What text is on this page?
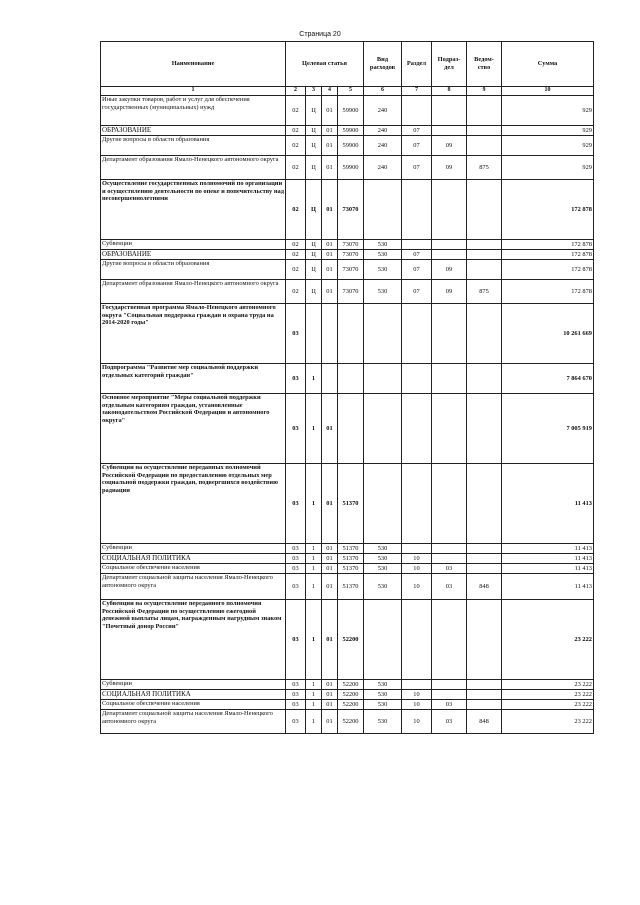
Страница 20
Наименование	Целевая статья				Вид расходов	Раздел	Подраз-дел	Ведом-ство	Сумма
1	2	3	4	5	6	7	8	9	10
Иные закупки товаров, работ и услуг для обеспечения государственных (муниципальных) нужд	02	Ц	01	59900	240				929
ОБРАЗОВАНИЕ	02	Ц	01	59900	240	07			929
Другие вопросы в области образования	02	Ц	01	59900	240	07	09		929
Департамент образования Ямало-Ненецкого автономного округа	02	Ц	01	59900	240	07	09	875	929
Осуществление государственных полномочий по организации и осуществлению деятельности по опеке и попечительству над несовершеннолетними	02	Ц	01	73070					172 878
Субвенции	02	Ц	01	73070	530				172 878
ОБРАЗОВАНИЕ	02	Ц	01	73070	530	07			172 878
Другие вопросы в области образования	02	Ц	01	73070	530	07	09		172 878
Департамент образования Ямало-Ненецкого автономного округа	02	Ц	01	73070	530	07	09	875	172 878
Государственная программа Ямало-Ненецкого автономного округа "Социальная поддержка граждан и охрана труда на 2014-2020 годы"	03								10 261 669
Подпрограмма "Развитие мер социальной поддержки отдельных категорий граждан"	03	1							7 864 670
Основное мероприятие "Меры социальной поддержки отдельным категориям граждан, установленные законодательством Российской Федерации и автономного округа"	03	1	01						7 005 919
Субвенции на осуществление переданных полномочий Российской Федерации по предоставлению отдельных мер социальной поддержки граждан, подвергшихся воздействию радиации	03	1	01	51370					11 413
Субвенции	03	1	01	51370	530				11 413
СОЦИАЛЬНАЯ ПОЛИТИКА	03	1	01	51370	530	10			11 413
Социальное обеспечение населения	03	1	01	51370	530	10	03		11 413
Департамент социальной защиты населения Ямало-Ненецкого автономного округа	03	1	01	51370	530	10	03	848	11 413
Субвенции на осуществление переданного полномочия Российской Федерации по осуществлению ежегодной денежной выплаты лицам, награжденным нагрудным знаком "Почетный донор России"	03	1	01	52200					23 222
Субвенции	03	1	01	52200	530				23 222
СОЦИАЛЬНАЯ ПОЛИТИКА	03	1	01	52200	530	10			23 222
Социальное обеспечение населения	03	1	01	52200	530	10	03		23 222
Департамент социальной защиты населения Ямало-Ненецкого автономного округа	03	1	01	52200	530	10	03	848	23 222
